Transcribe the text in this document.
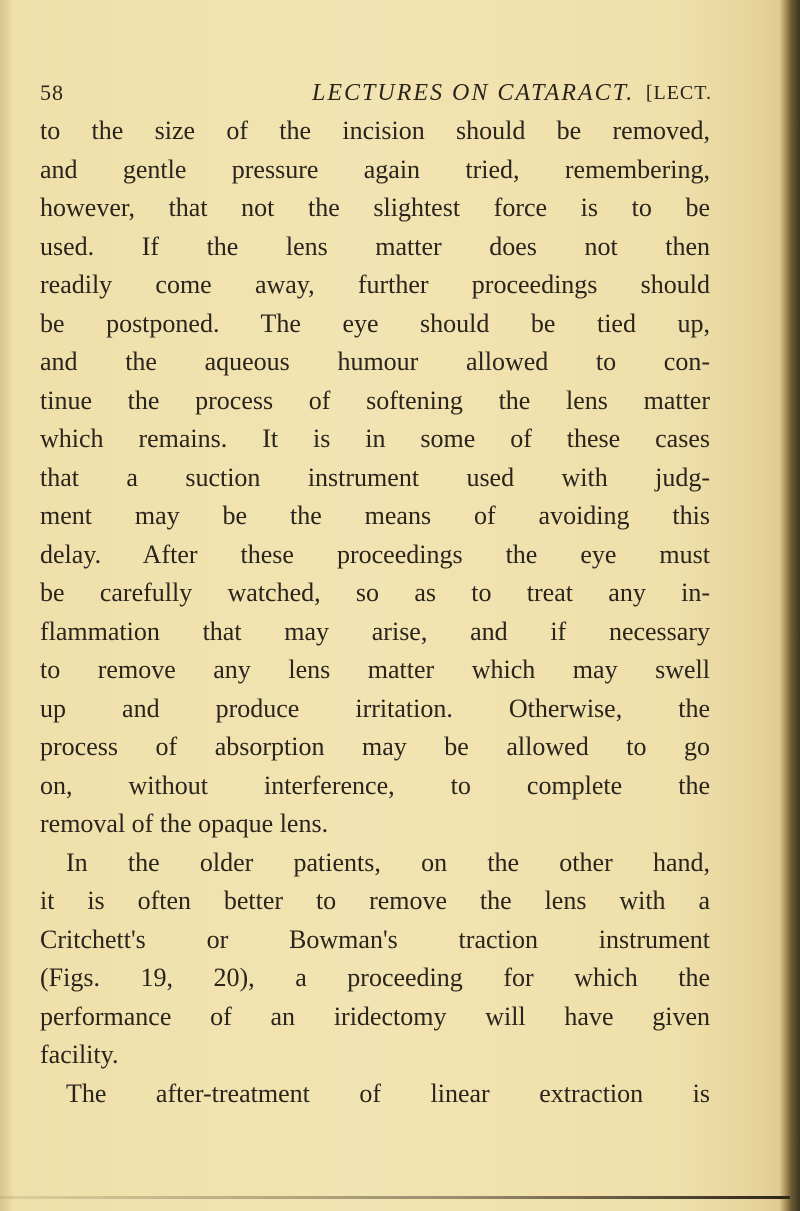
58	LECTURES ON CATARACT. [LECT.
to the size of the incision should be removed,
and gentle pressure again tried, remembering,
however, that not the slightest force is to be
used. If the lens matter does not then
readily come away, further proceedings should
be postponed. The eye should be tied up,
and the aqueous humour allowed to con-
tinue the process of softening the lens matter
which remains. It is in some of these cases
that a suction instrument used with judg-
ment may be the means of avoiding this
delay. After these proceedings the eye must
be carefully watched, so as to treat any in-
flammation that may arise, and if necessary
to remove any lens matter which may swell
up and produce irritation. Otherwise, the
process of absorption may be allowed to go
on, without interference, to complete the
removal of the opaque lens.
In the older patients, on the other hand,
it is often better to remove the lens with a
Critchett's or Bowman's traction instrument
(Figs. 19, 20), a proceeding for which the
performance of an iridectomy will have given
facility.
The after-treatment of linear extraction is
